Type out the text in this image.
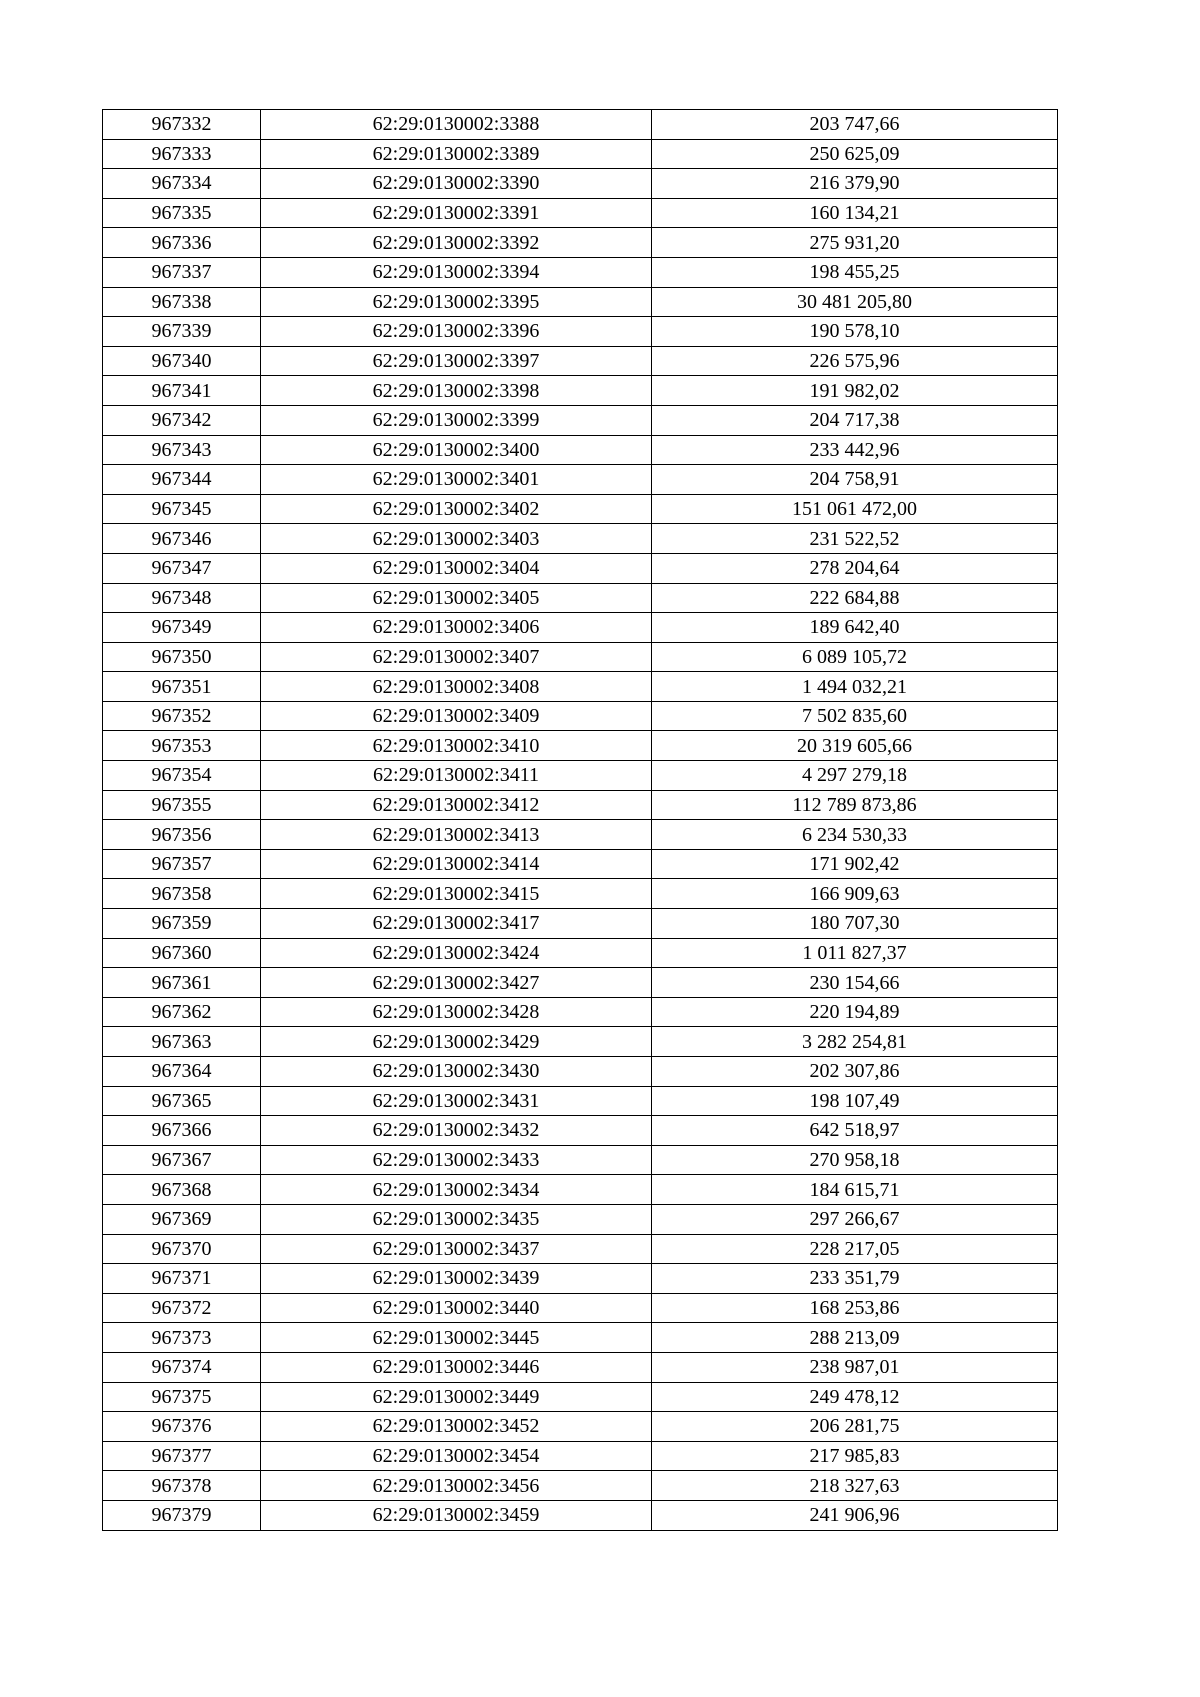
967332	62:29:0130002:3388	203 747,66
967333	62:29:0130002:3389	250 625,09
967334	62:29:0130002:3390	216 379,90
967335	62:29:0130002:3391	160 134,21
967336	62:29:0130002:3392	275 931,20
967337	62:29:0130002:3394	198 455,25
967338	62:29:0130002:3395	30 481 205,80
967339	62:29:0130002:3396	190 578,10
967340	62:29:0130002:3397	226 575,96
967341	62:29:0130002:3398	191 982,02
967342	62:29:0130002:3399	204 717,38
967343	62:29:0130002:3400	233 442,96
967344	62:29:0130002:3401	204 758,91
967345	62:29:0130002:3402	151 061 472,00
967346	62:29:0130002:3403	231 522,52
967347	62:29:0130002:3404	278 204,64
967348	62:29:0130002:3405	222 684,88
967349	62:29:0130002:3406	189 642,40
967350	62:29:0130002:3407	6 089 105,72
967351	62:29:0130002:3408	1 494 032,21
967352	62:29:0130002:3409	7 502 835,60
967353	62:29:0130002:3410	20 319 605,66
967354	62:29:0130002:3411	4 297 279,18
967355	62:29:0130002:3412	112 789 873,86
967356	62:29:0130002:3413	6 234 530,33
967357	62:29:0130002:3414	171 902,42
967358	62:29:0130002:3415	166 909,63
967359	62:29:0130002:3417	180 707,30
967360	62:29:0130002:3424	1 011 827,37
967361	62:29:0130002:3427	230 154,66
967362	62:29:0130002:3428	220 194,89
967363	62:29:0130002:3429	3 282 254,81
967364	62:29:0130002:3430	202 307,86
967365	62:29:0130002:3431	198 107,49
967366	62:29:0130002:3432	642 518,97
967367	62:29:0130002:3433	270 958,18
967368	62:29:0130002:3434	184 615,71
967369	62:29:0130002:3435	297 266,67
967370	62:29:0130002:3437	228 217,05
967371	62:29:0130002:3439	233 351,79
967372	62:29:0130002:3440	168 253,86
967373	62:29:0130002:3445	288 213,09
967374	62:29:0130002:3446	238 987,01
967375	62:29:0130002:3449	249 478,12
967376	62:29:0130002:3452	206 281,75
967377	62:29:0130002:3454	217 985,83
967378	62:29:0130002:3456	218 327,63
967379	62:29:0130002:3459	241 906,96
